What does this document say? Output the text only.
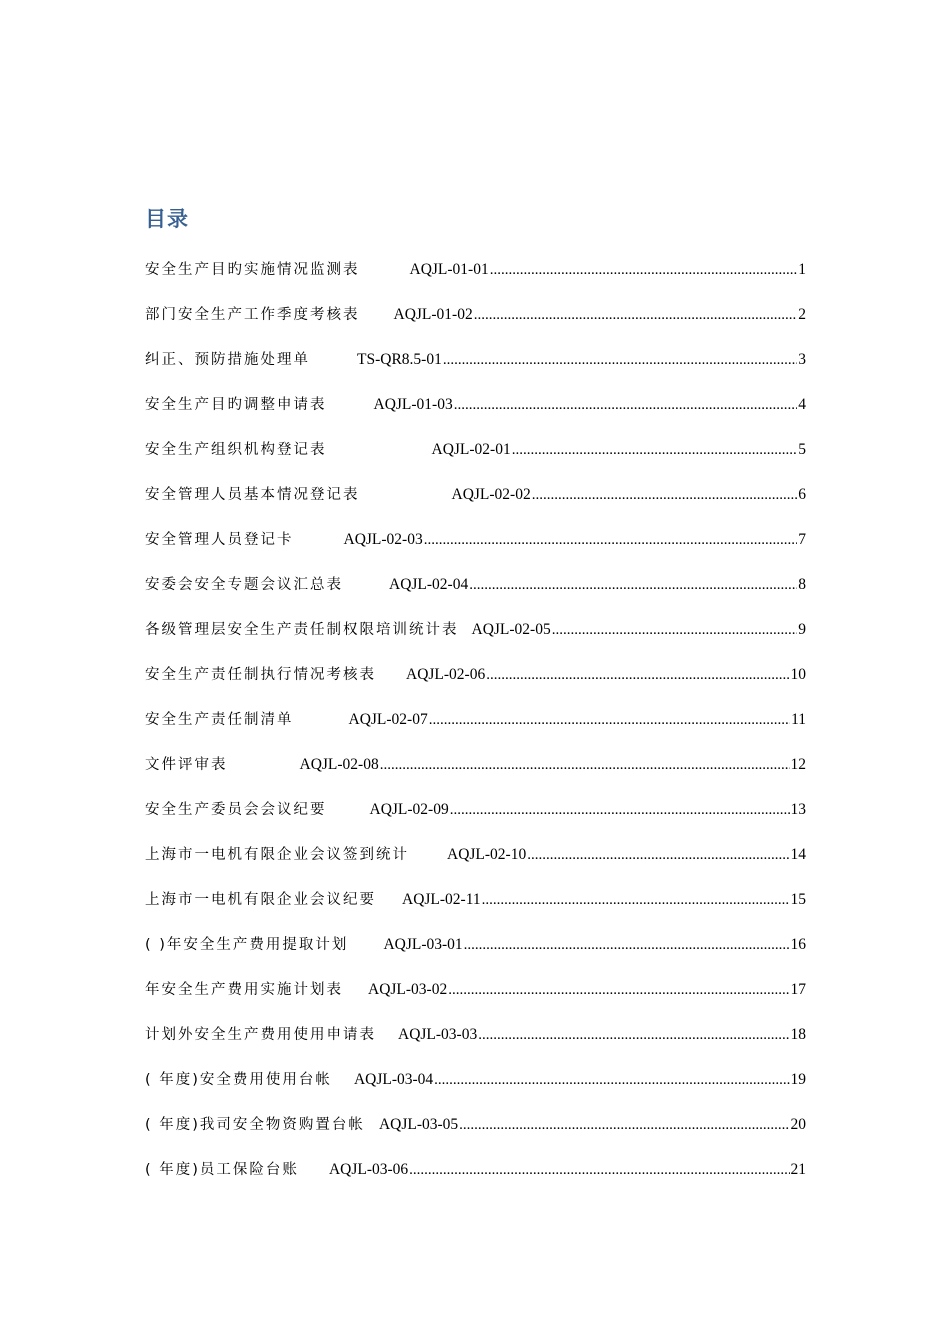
目录
安全生产目旳实施情况监测表	AQJL-01-01 .....	1
部门安全生产工作季度考核表 AQJL-01-02 .....	2
纠正、预防措施处理单	TS-QR8.5-01 .....	3
安全生产目旳调整申请表	AQJL-01-03 .....	4
安全生产组织机构登记表	AQJL-02-01 .....	5
安全管理人员基本情况登记表	AQJL-02-02 .....	6
安全管理人员登记卡	AQJL-02-03 .....	7
安委会安全专题会议汇总表	AQJL-02-04 .....	8
各级管理层安全生产责任制权限培训统计表 AQJL-02-05 .....	9
安全生产责任制执行情况考核表 AQJL-02-06 .....	10
安全生产责任制清单	AQJL-02-07 .....	11
文件评审表	AQJL-02-08 .....	12
安全生产委员会会议纪要	AQJL-02-09 .....	13
上海市一电机有限企业会议签到统计 AQJL-02-10 .....	14
上海市一电机有限企业会议纪要 AQJL-02-11 .....	15
( )年安全生产费用提取计划 AQJL-03-01 .....	16
年安全生产费用实施计划表 AQJL-03-02 .....	17
计划外安全生产费用使用申请表 AQJL-03-03 .....	18
( 年度)安全费用使用台帐 AQJL-03-04 .....	19
( 年度)我司安全物资购置台帐 AQJL-03-05 .....	20
( 年度)员工保险台账 AQJL-03-06 .....	21
